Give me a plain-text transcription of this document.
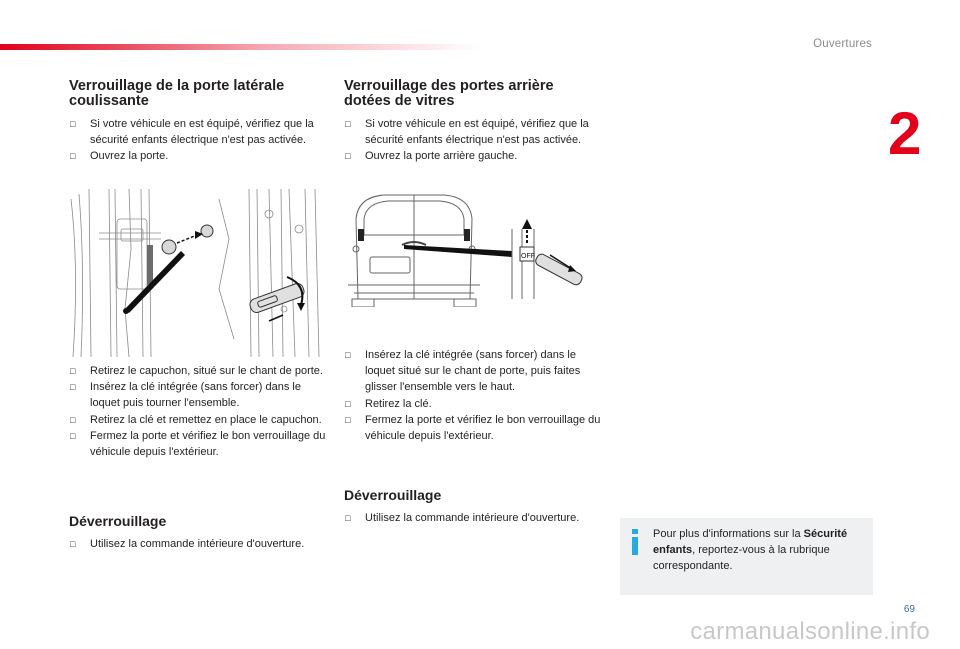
Ouvertures
2
Verrouillage de la porte latérale coulissante
□ Si votre véhicule en est équipé, vérifiez que la sécurité enfants électrique n'est pas activée.
□ Ouvrez la porte.
□ Retirez le capuchon, situé sur le chant de porte.
□ Insérez la clé intégrée (sans forcer) dans le loquet puis tourner l'ensemble.
□ Retirez la clé et remettez en place le capuchon.
□ Fermez la porte et vérifiez le bon verrouillage du véhicule depuis l'extérieur.
Déverrouillage
□ Utilisez la commande intérieure d'ouverture.
Verrouillage des portes arrière dotées de vitres
□ Si votre véhicule en est équipé, vérifiez que la sécurité enfants électrique n'est pas activée.
□ Ouvrez la porte arrière gauche.
OFF
□ Insérez la clé intégrée (sans forcer) dans le loquet situé sur le chant de porte, puis faites glisser l'ensemble vers le haut.
□ Retirez la clé.
□ Fermez la porte et vérifiez le bon verrouillage du véhicule depuis l'extérieur.
Déverrouillage
□ Utilisez la commande intérieure d'ouverture.
Pour plus d'informations sur la Sécurité enfants, reportez-vous à la rubrique correspondante.
69
carmanualsonline.info
